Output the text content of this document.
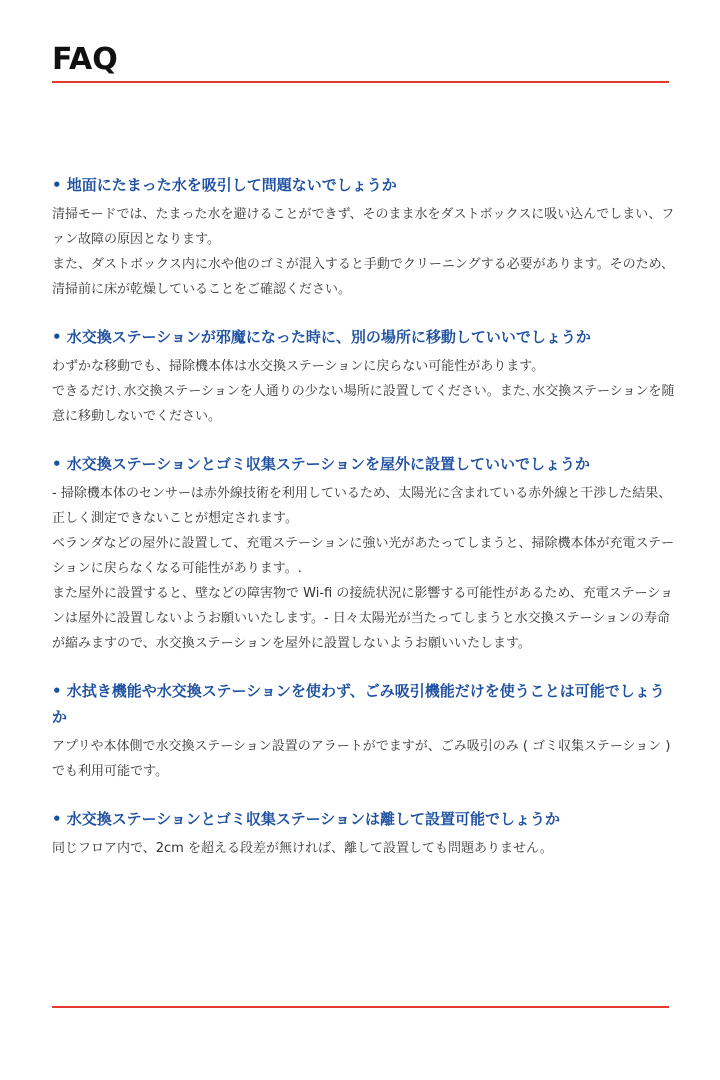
FAQ
• 地面にたまった水を吸引して問題ないでしょうか

清掃モードでは、たまった水を避けることができず、そのまま水をダストボックスに吸い込んでしまい、ファン故障の原因となります。

また、ダストボックス内に水や他のゴミが混入すると手動でクリーニングする必要があります。そのため、清掃前に床が乾燥していることをご確認ください。

• 水交換ステーションが邪魔になった時に、別の場所に移動していいでしょうか

わずかな移動でも、掃除機本体は水交換ステーションに戻らない可能性があります。

できるだけ､水交換ステーションを人通りの少ない場所に設置してください。また､水交換ステーションを随意に移動しないでください。

• 水交換ステーションとゴミ収集ステーションを屋外に設置していいでしょうか

- 掃除機本体のセンサーは赤外線技術を利用しているため、太陽光に含まれている赤外線と干渉した結果、正しく測定できないことが想定されます。

ベランダなどの屋外に設置して、充電ステーションに強い光があたってしまうと、掃除機本体が充電ステーションに戻らなくなる可能性があります。.

また屋外に設置すると、壁などの障害物で Wi-fi の接続状況に影響する可能性があるため、充電ステーションは屋外に設置しないようお願いいたします。- 日々太陽光が当たってしまうと水交換ステーションの寿命が縮みますので、水交換ステーションを屋外に設置しないようお願いいたします。

• 水拭き機能や水交換ステーションを使わず、ごみ吸引機能だけを使うことは可能でしょうか

アプリや本体側で水交換ステーション設置のアラートがでますが、ごみ吸引のみ ( ゴミ収集ステーション ) でも利用可能です。

• 水交換ステーションとゴミ収集ステーションは離して設置可能でしょうか

同じフロア内で、2cm を超える段差が無ければ、離して設置しても問題ありません。
